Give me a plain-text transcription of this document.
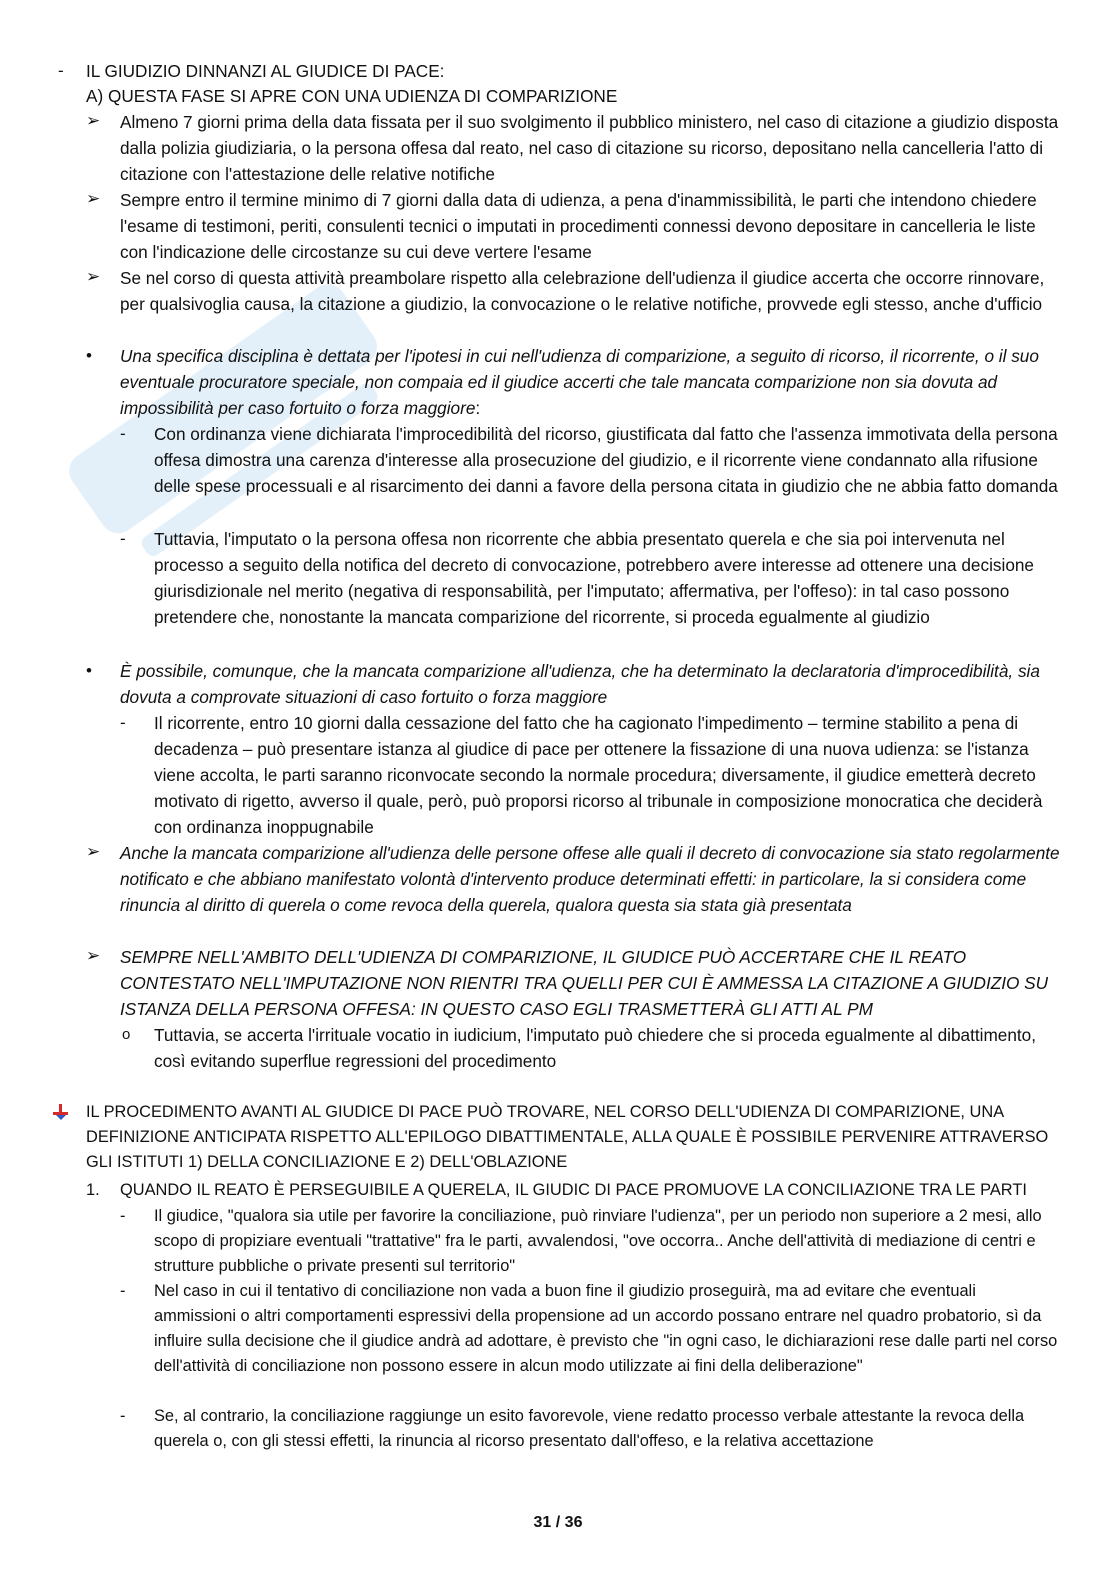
- IL GIUDIZIO DINNANZI AL GIUDICE DI PACE:
A) QUESTA FASE SI APRE CON UNA UDIENZA DI COMPARIZIONE
➢ Almeno 7 giorni prima della data fissata per il suo svolgimento il pubblico ministero, nel caso di citazione a giudizio disposta dalla polizia giudiziaria, o la persona offesa dal reato, nel caso di citazione su ricorso, depositano nella cancelleria l'atto di citazione con l'attestazione delle relative notifiche
➢ Sempre entro il termine minimo di 7 giorni dalla data di udienza, a pena d'inammissibilità, le parti che intendono chiedere l'esame di testimoni, periti, consulenti tecnici o imputati in procedimenti connessi devono depositare in cancelleria le liste con l'indicazione delle circostanze su cui deve vertere l'esame
➢ Se nel corso di questa attività preambolare rispetto alla celebrazione dell'udienza il giudice accerta che occorre rinnovare, per qualsivoglia causa, la citazione a giudizio, la convocazione o le relative notifiche, provvede egli stesso, anche d'ufficio
• Una specifica disciplina è dettata per l'ipotesi in cui nell'udienza di comparizione, a seguito di ricorso, il ricorrente, o il suo eventuale procuratore speciale, non compaia ed il giudice accerti che tale mancata comparizione non sia dovuta ad impossibilità per caso fortuito o forza maggiore:
- Con ordinanza viene dichiarata l'improcedibilità del ricorso, giustificata dal fatto che l'assenza immotivata della persona offesa dimostra una carenza d'interesse alla prosecuzione del giudizio, e il ricorrente viene condannato alla rifusione delle spese processuali e al risarcimento dei danni a favore della persona citata in giudizio che ne abbia fatto domanda
- Tuttavia, l'imputato o la persona offesa non ricorrente che abbia presentato querela e che sia poi intervenuta nel processo a seguito della notifica del decreto di convocazione, potrebbero avere interesse ad ottenere una decisione giurisdizionale nel merito (negativa di responsabilità, per l'imputato; affermativa, per l'offeso): in tal caso possono pretendere che, nonostante la mancata comparizione del ricorrente, si proceda egualmente al giudizio
• È possibile, comunque, che la mancata comparizione all'udienza, che ha determinato la declaratoria d'improcedibilità, sia dovuta a comprovate situazioni di caso fortuito o forza maggiore
- Il ricorrente, entro 10 giorni dalla cessazione del fatto che ha cagionato l'impedimento – termine stabilito a pena di decadenza – può presentare istanza al giudice di pace per ottenere la fissazione di una nuova udienza: se l'istanza viene accolta, le parti saranno riconvocate secondo la normale procedura; diversamente, il giudice emetterà decreto motivato di rigetto, avverso il quale, però, può proporsi ricorso al tribunale in composizione monocratica che deciderà con ordinanza inoppugnabile
➢ Anche la mancata comparizione all'udienza delle persone offese alle quali il decreto di convocazione sia stato regolarmente notificato e che abbiano manifestato volontà d'intervento produce determinati effetti: in particolare, la si considera come rinuncia al diritto di querela o come revoca della querela, qualora questa sia stata già presentata
➢ SEMPRE NELL'AMBITO DELL'UDIENZA DI COMPARIZIONE, IL GIUDICE PUÒ ACCERTARE CHE IL REATO CONTESTATO NELL'IMPUTAZIONE NON RIENTRI TRA QUELLI PER CUI È AMMESSA LA CITAZIONE A GIUDIZIO SU ISTANZA DELLA PERSONA OFFESA: IN QUESTO CASO EGLI TRASMETTERÀ GLI ATTI AL PM
o Tuttavia, se accerta l'irrituale vocatio in iudicium, l'imputato può chiedere che si proceda egualmente al dibattimento, così evitando superflue regressioni del procedimento
IL PROCEDIMENTO AVANTI AL GIUDICE DI PACE PUÒ TROVARE, NEL CORSO DELL'UDIENZA DI COMPARIZIONE, UNA DEFINIZIONE ANTICIPATA RISPETTO ALL'EPILOGO DIBATTIMENTALE, ALLA QUALE È POSSIBILE PERVENIRE ATTRAVERSO GLI ISTITUTI 1) DELLA CONCILIAZIONE E 2) DELL'OBLAZIONE
1. QUANDO IL REATO È PERSEGUIBILE A QUERELA, IL GIUDIC DI PACE PROMUOVE LA CONCILIAZIONE TRA LE PARTI
- Il giudice, "qualora sia utile per favorire la conciliazione, può rinviare l'udienza", per un periodo non superiore a 2 mesi, allo scopo di propiziare eventuali "trattative" fra le parti, avvalendosi, "ove occorra.. Anche dell'attività di mediazione di centri e strutture pubbliche o private presenti sul territorio"
- Nel caso in cui il tentativo di conciliazione non vada a buon fine il giudizio proseguirà, ma ad evitare che eventuali ammissioni o altri comportamenti espressivi della propensione ad un accordo possano entrare nel quadro probatorio, sì da influire sulla decisione che il giudice andrà ad adottare, è previsto che "in ogni caso, le dichiarazioni rese dalle parti nel corso dell'attività di conciliazione non possono essere in alcun modo utilizzate ai fini della deliberazione"
- Se, al contrario, la conciliazione raggiunge un esito favorevole, viene redatto processo verbale attestante la revoca della querela o, con gli stessi effetti, la rinuncia al ricorso presentato dall'offeso, e la relativa accettazione
31 / 36
